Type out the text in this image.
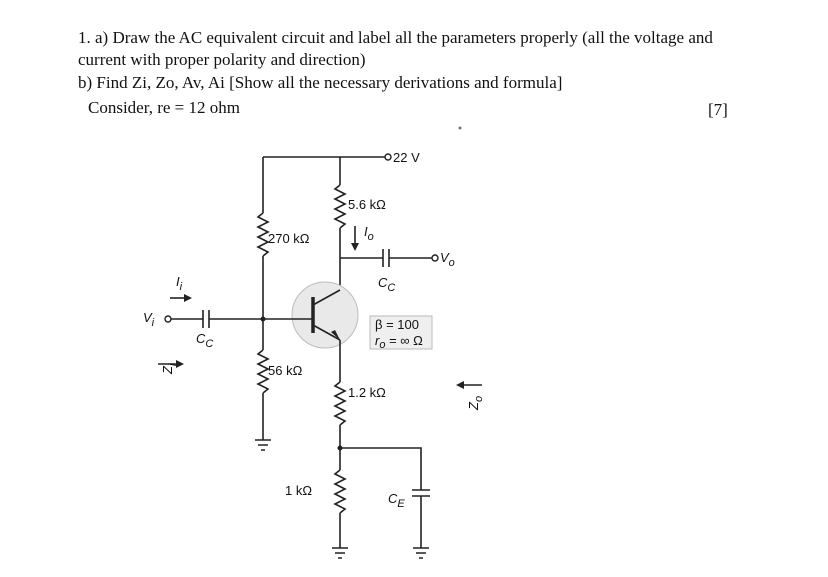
1. a) Draw the AC equivalent circuit and label all the parameters properly (all the voltage and
current with proper polarity and direction)
b) Find Zi, Zo, Av, Ai [Show all the necessary derivations and formula]
Consider, re = 12 ohm	[7]
22 V
270 kΩ
56 kΩ
5.6 kΩ
$I_o$
$V_o$
$C_C$
β = 100
$r_o$ = ∞ Ω
$V_i$
$C_C$
$I_i$
$Z_i$
$Z_o$
1.2 kΩ
1 kΩ
$C_E$
